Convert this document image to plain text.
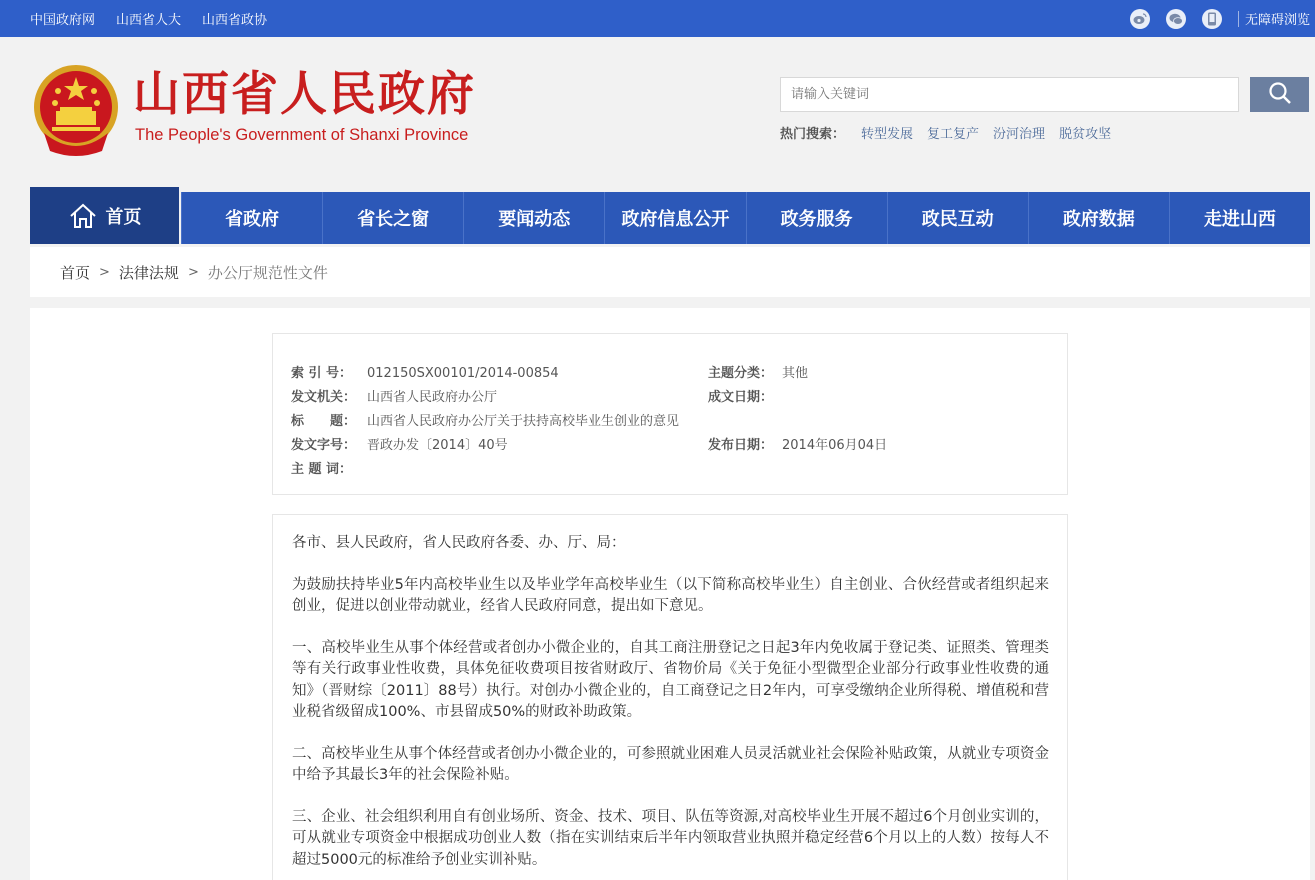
中国政府网 山西省人大 山西省政协	无障碍浏览
山西省人民政府
The People's Government of Shanxi Province
请输入关键词	热门搜索： 转型发展 复工复产 汾河治理 脱贫攻坚
首页	省政府	省长之窗	要闻动态	政府信息公开	政务服务	政民互动	政府数据	走进山西
首页 > 法律法规 > 办公厅规范性文件
索 引 号： 012150SX00101/2014-00854	主题分类： 其他
发文机关： 山西省人民政府办公厅	成文日期：
标　　题： 山西省人民政府办公厅关于扶持高校毕业生创业的意见
发文字号： 晋政办发〔2014〕40号	发布日期： 2014年06月04日
主 题 词：

各市、县人民政府，省人民政府各委、办、厅、局：

为鼓励扶持毕业5年内高校毕业生以及毕业学年高校毕业生（以下简称高校毕业生）自主创业、合伙经营或者组织起来创业，促进以创业带动就业，经省人民政府同意，提出如下意见。

一、高校毕业生从事个体经营或者创办小微企业的，自其工商注册登记之日起3年内免收属于登记类、证照类、管理类等有关行政事业性收费，具体免征收费项目按省财政厅、省物价局《关于免征小型微型企业部分行政事业性收费的通知》（晋财综〔2011〕88号）执行。对创办小微企业的，自工商登记之日2年内，可享受缴纳企业所得税、增值税和营业税省级留成100%、市县留成50%的财政补助政策。

二、高校毕业生从事个体经营或者创办小微企业的，可参照就业困难人员灵活就业社会保险补贴政策，从就业专项资金中给予其最长3年的社会保险补贴。

三、企业、社会组织利用自有创业场所、资金、技术、项目、队伍等资源,对高校毕业生开展不超过6个月创业实训的，可从就业专项资金中根据成功创业人数（指在实训结束后半年内领取营业执照并稳定经营6个月以上的人数）按每人不超过5000元的标准给予创业实训补贴。
